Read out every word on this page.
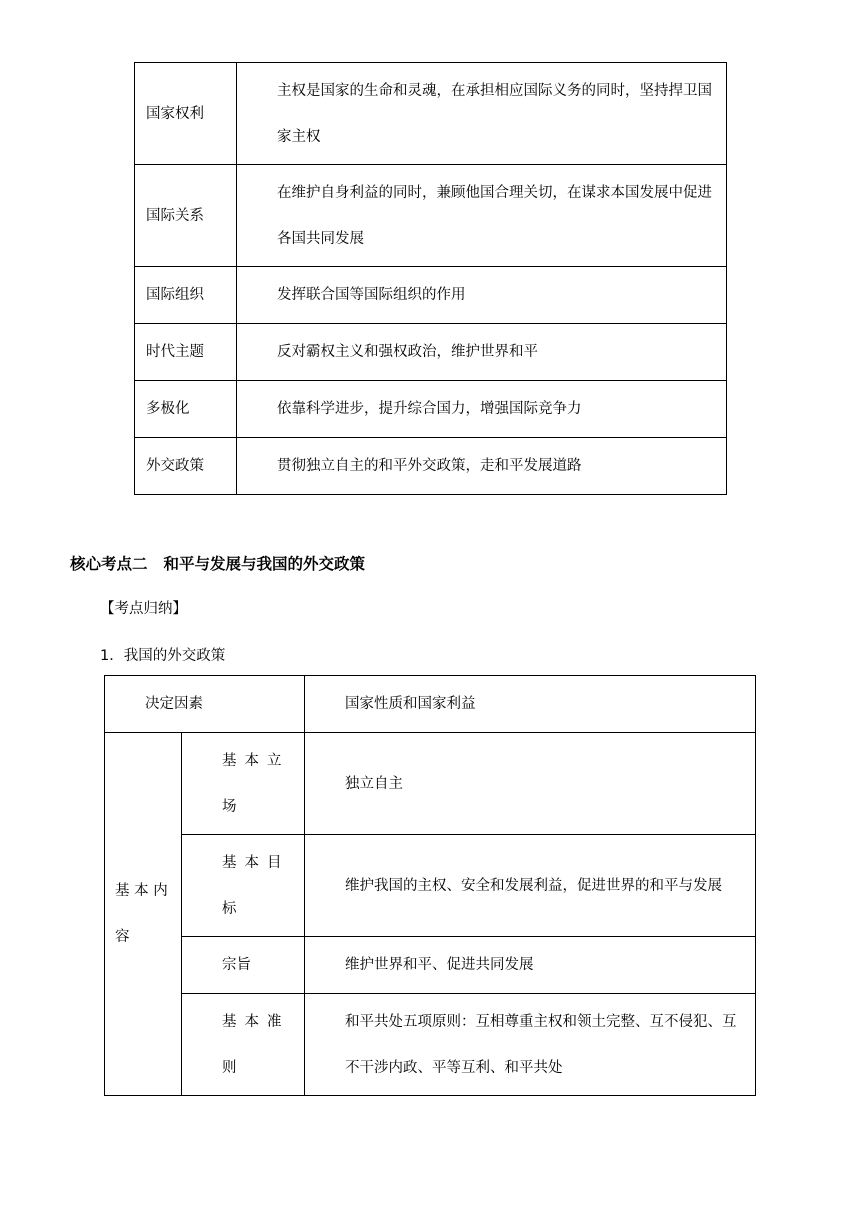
国家权利	主权是国家的生命和灵魂，在承担相应国际义务的同时，坚持捍卫国家主权

国际关系	在维护自身利益的同时，兼顾他国合理关切，在谋求本国发展中促进各国共同发展

国际组织	发挥联合国等国际组织的作用

时代主题	反对霸权主义和强权政治，维护世界和平

多极化	依靠科学进步，提升综合国力，增强国际竞争力

外交政策	贯彻独立自主的和平外交政策，走和平发展道路
核心考点二 和平与发展与我国的外交政策
【考点归纳】
1．我国的外交政策
决定因素		国家性质和国家利益

基 本 内容	基本立场	独立自主

	基本目标	维护我国的主权、安全和发展利益，促进世界的和平与发展

	宗旨	维护世界和平、促进共同发展

	基本准则	和平共处五项原则：互相尊重主权和领土完整、互不侵犯、互不干涉内政、平等互利、和平共处
